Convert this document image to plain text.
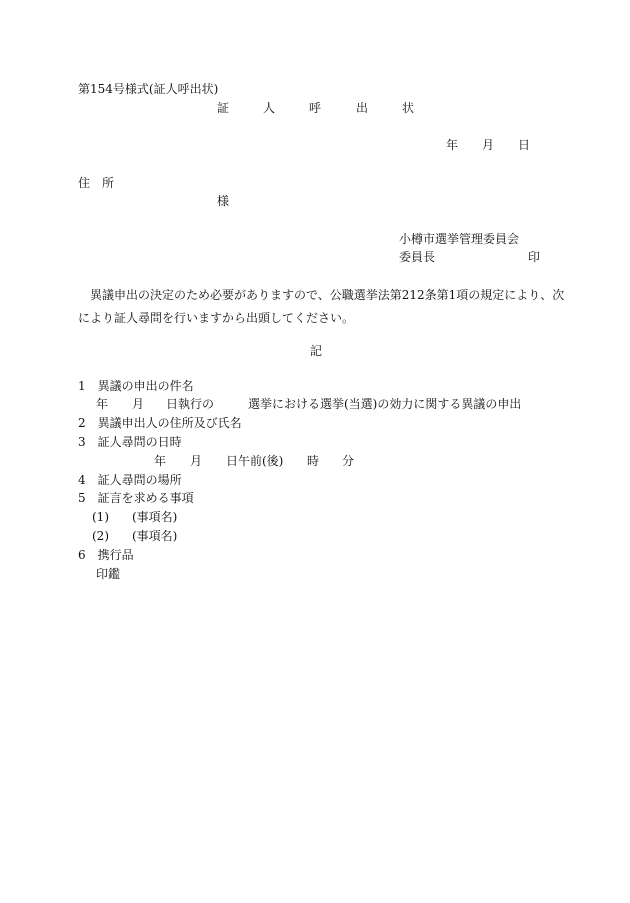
第154号様式(証人呼出状)
証	人	呼	出	状
年 月 日
住　所
様
小樽市選挙管理委員会
委員長	印
異議申出の決定のため必要がありますので、公職選挙法第212条第1項の規定により、次
により証人尋問を行いますから出頭してください。
記
1　異議の申出の件名
年 月 日執行の	選挙における選挙(当選)の効力に関する異議の申出
2　異議申出人の住所及び氏名
3　証人尋問の日時
年 月 日午前(後) 時 分
4　証人尋問の場所
5　証言を求める事項
(1) (事項名)
(2) (事項名)
6　携行品
印鑑
